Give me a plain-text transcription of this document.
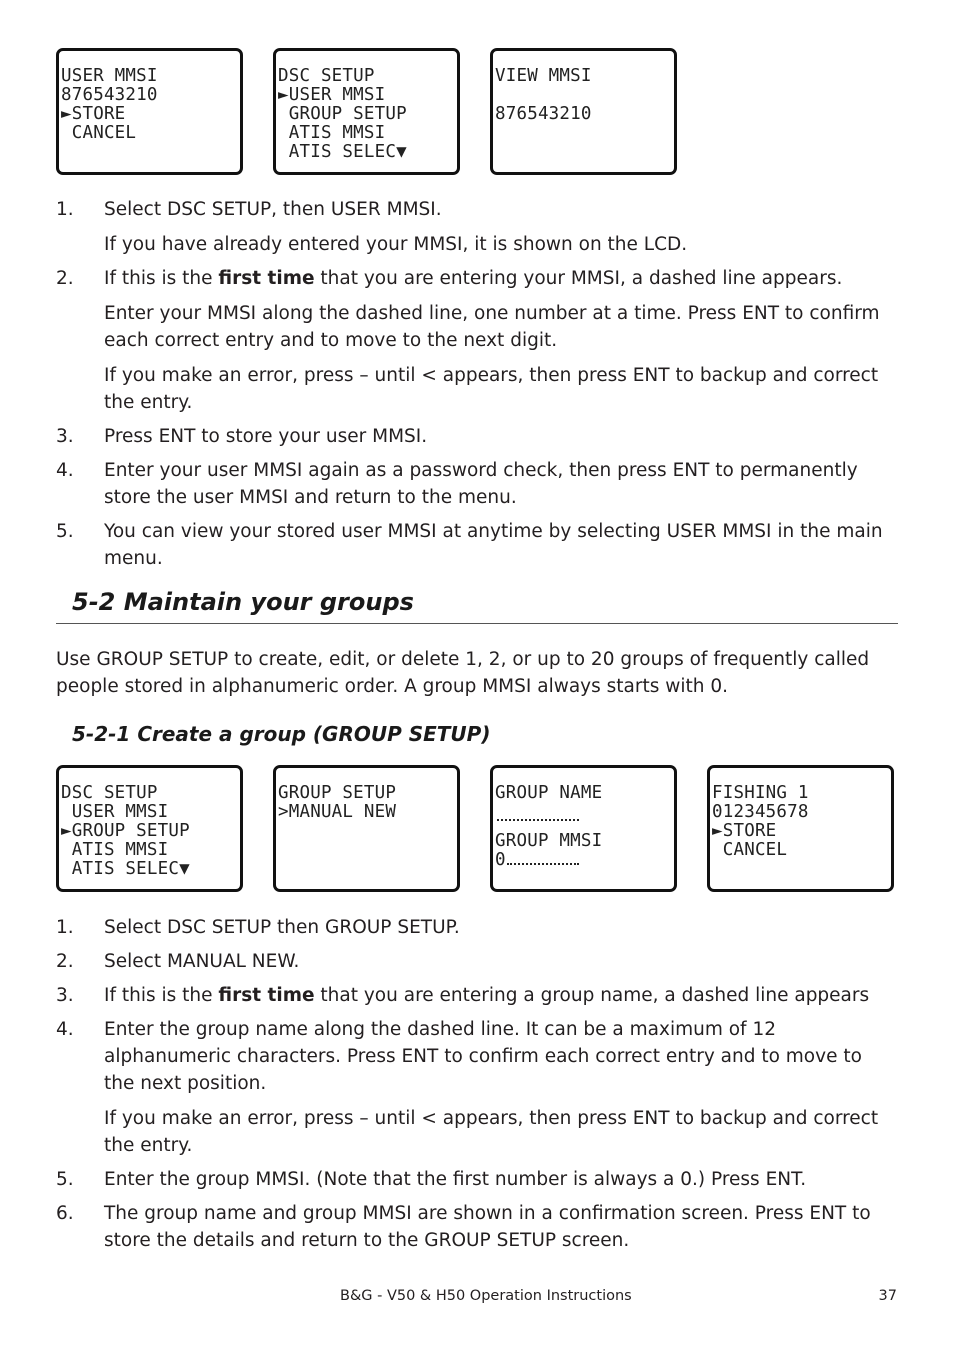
USER MMSI
876543210
►STORE
CANCEL
DSC SETUP
►USER MMSI
GROUP SETUP
ATIS MMSI
ATIS SELEC▼
VIEW MMSI
876543210
1.	Select DSC SETUP, then USER MMSI.

If you have already entered your MMSI, it is shown on the LCD.

2.	If this is the first time that you are entering your MMSI, a dashed line appears.

Enter your MMSI along the dashed line, one number at a time. Press ENT to confirm each correct entry and to move to the next digit.

If you make an error, press – until < appears, then press ENT to backup and correct the entry.

3.	Press ENT to store your user MMSI.

4.	Enter your user MMSI again as a password check, then press ENT to permanently store the user MMSI and return to the menu.

5.	You can view your stored user MMSI at anytime by selecting USER MMSI in the main menu.

5-2 Maintain your groups
Use GROUP SETUP to create, edit, or delete 1, 2, or up to 20 groups of frequently called people stored in alphanumeric order. A group MMSI always starts with 0.
5-2-1 Create a group (GROUP SETUP)
DSC SETUP
USER MMSI
►GROUP SETUP
ATIS MMSI
ATIS SELEC▼
GROUP SETUP
>MANUAL NEW
GROUP NAME
GROUP MMSI
0
FISHING 1
012345678
►STORE
CANCEL
1.	Select DSC SETUP then GROUP SETUP.

2.	Select MANUAL NEW.

3.	If this is the first time that you are entering a group name, a dashed line appears

4.	Enter the group name along the dashed line. It can be a maximum of 12 alphanumeric characters. Press ENT to confirm each correct entry and to move to the next position.

If you make an error, press – until < appears, then press ENT to backup and correct the entry.

5.	Enter the group MMSI. (Note that the first number is always a 0.) Press ENT.

6.	The group name and group MMSI are shown in a confirmation screen. Press ENT to store the details and return to the GROUP SETUP screen.

B&G - V50 & H50 Operation Instructions	37
